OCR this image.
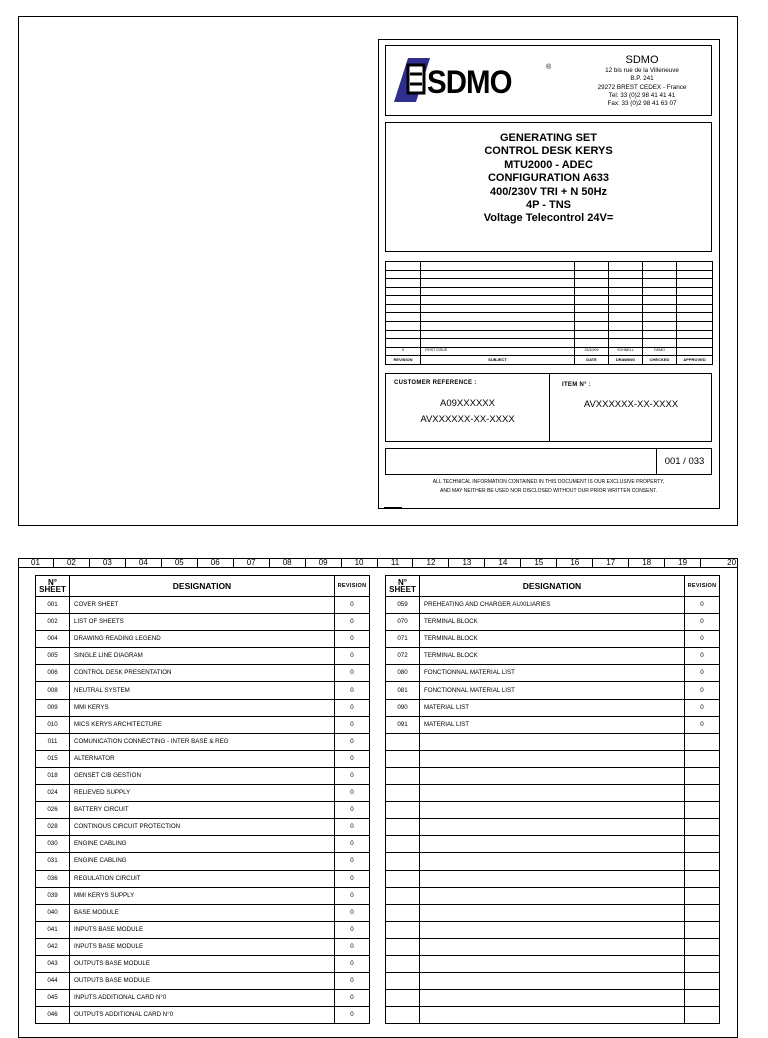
SDMO	®
SDMO
12 bis rue de la Villeneuve
B.P. 241
29272 BREST CEDEX - France
Tel: 33 (0)2 98 41 41 41
Fax: 33 (0)2 98 41 63 07
GENERATING SET
CONTROL DESK KERYS
MTU2000 - ADEC
CONFIGURATION A633
400/230V TRI + N 50Hz
4P - TNS
Voltage Telecontrol 24V=

0	FIRST ISSUE	24/10/09	SCHNELL	DEMO	
REVISION	SUBJECT	DATE	DRAWING	CHECKED	APPROVED
CUSTOMER REFERENCE :
A09XXXXXX
AVXXXXXX-XX-XXXX
ITEM N° :
AVXXXXXX-XX-XXXX
001 / 033
ALL TECHNICAL INFORMATION CONTAINED IN THIS DOCUMENT IS OUR EXCLUSIVE PROPERTY,
AND MAY NEITHER BE USED NOR DISCLOSED WITHOUT OUR PRIOR WRITTEN CONSENT.
01	02	03	04	05	06	07	08	09	10	11	12	13	14	15	16	17	18	19	20
N°
SHEET	DESIGNATION	REVISION
001	COVER SHEET	0
002	LIST OF SHEETS	0
004	DRAWING READING LEGEND	0
005	SINGLE LINE DIAGRAM	0
006	CONTROL DESK PRESENTATION	0
008	NEUTRAL SYSTEM	0
009	MMI KERYS	0
010	MICS KERYS ARCHITECTURE	0
011	COMUNICATION CONNECTING - INTER BASE & REG	0
015	ALTERNATOR	0
018	GENSET C/B GESTION	0
024	RELIEVED SUPPLY	0
026	BATTERY CIRCUIT	0
028	CONTINOUS CIRCUIT PROTECTION	0
030	ENGINE CABLING	0
031	ENGINE CABLING	0
036	REGULATION CIRCUIT	0
039	MMI KERYS SUPPLY	0
040	BASE MODULE	0
041	INPUTS BASE MODULE	0
042	INPUTS BASE MODULE	0
043	OUTPUTS BASE MODULE	0
044	OUTPUTS BASE MODULE	0
045	INPUTS ADDITIONAL CARD N°0	0
046	OUTPUTS ADDITIONAL CARD N°0	0
N°
SHEET	DESIGNATION	REVISION
059	PREHEATING AND CHARGER AUXILIARIES	0
070	TERMINAL BLOCK	0
071	TERMINAL BLOCK	0
072	TERMINAL BLOCK	0
080	FONCTIONNAL MATERIAL LIST	0
081	FONCTIONNAL MATERIAL LIST	0
090	MATERIAL LIST	0
091	MATERIAL LIST	0
